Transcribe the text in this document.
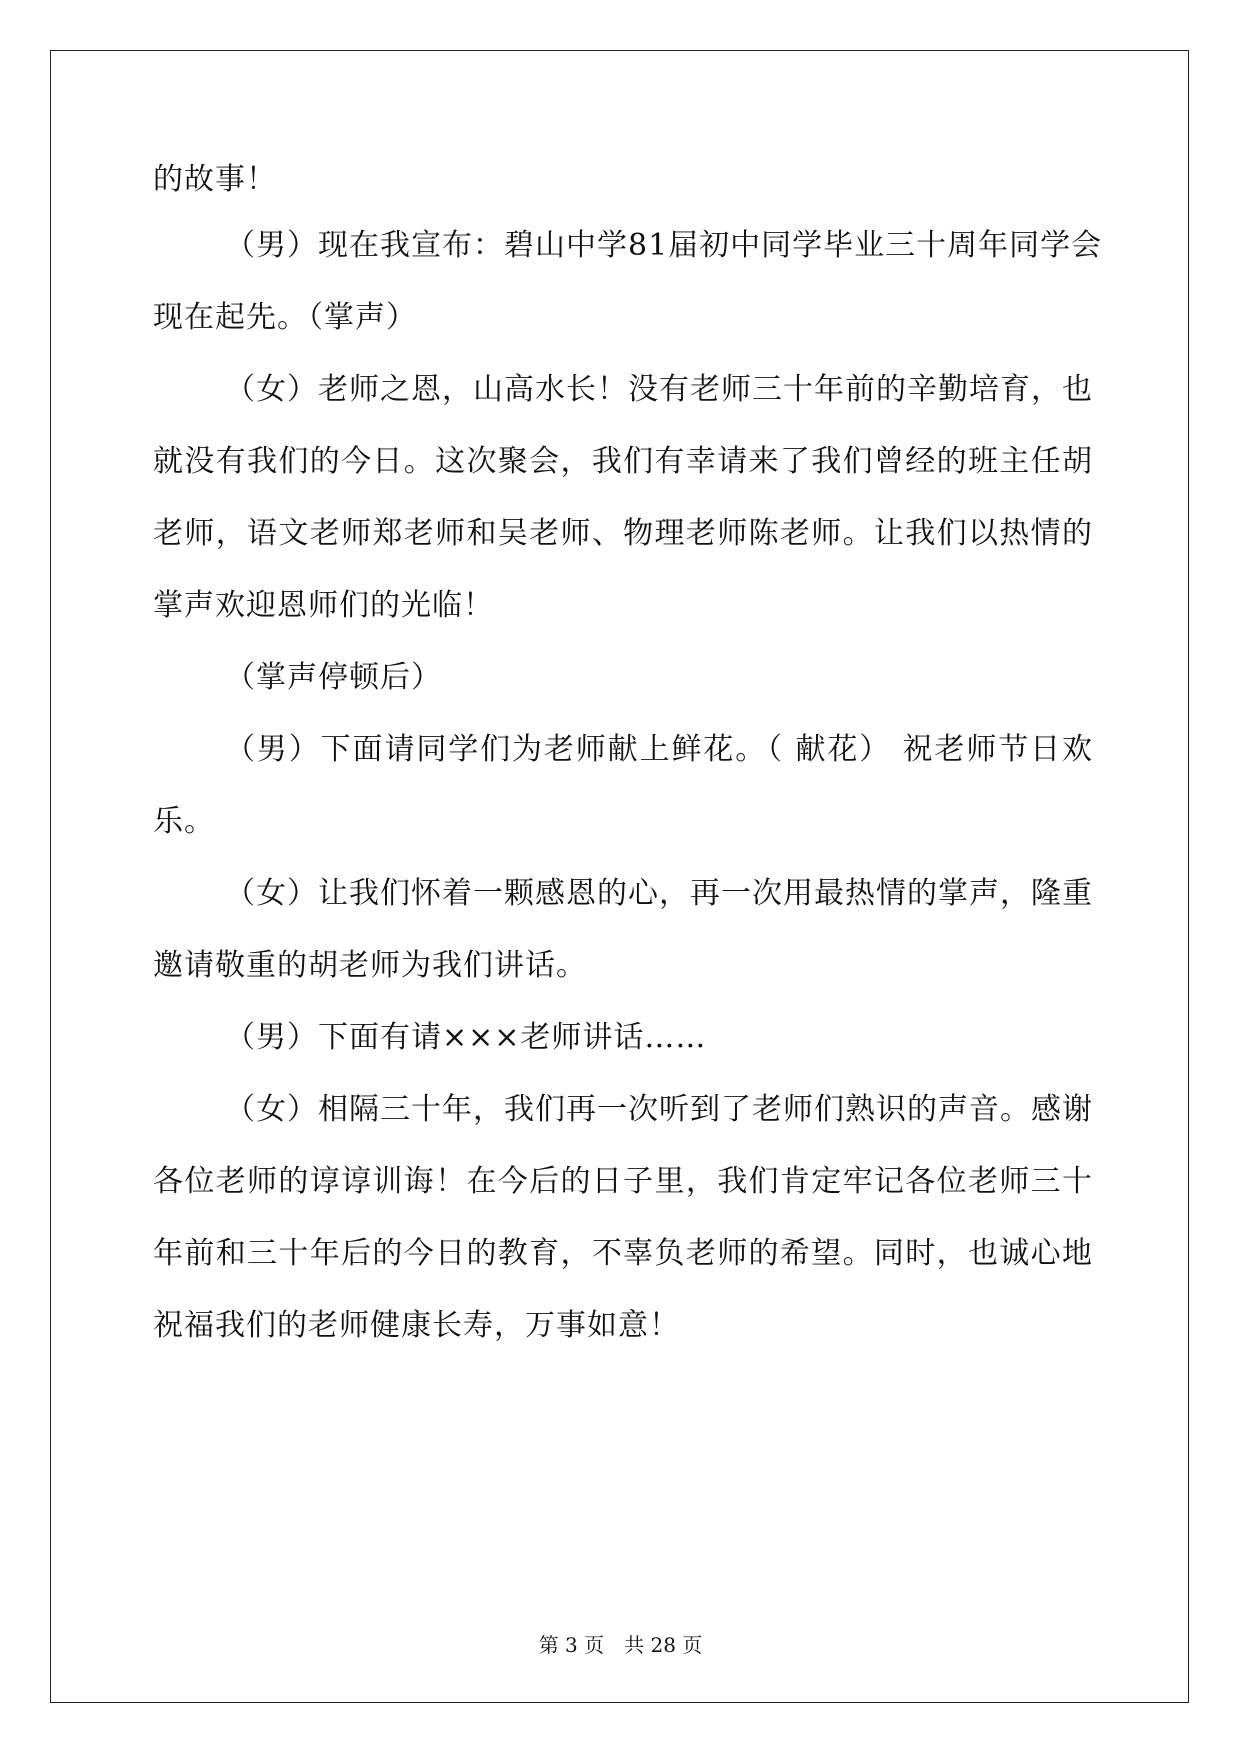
的故事！
（男）现在我宣布：碧山中学81届初中同学毕业三十周年同学会
现在起先。（掌声）
（女）老师之恩，山高水长！没有老师三十年前的辛勤培育，也
就没有我们的今日。这次聚会，我们有幸请来了我们曾经的班主任胡
老师，语文老师郑老师和吴老师、物理老师陈老师。让我们以热情的
掌声欢迎恩师们的光临！
（掌声停顿后）
（男）下面请同学们为老师献上鲜花。（ 献花） 祝老师节日欢
乐。
（女）让我们怀着一颗感恩的心，再一次用最热情的掌声，隆重
邀请敬重的胡老师为我们讲话。
（男）下面有请×××老师讲话……
（女）相隔三十年，我们再一次听到了老师们熟识的声音。感谢
各位老师的谆谆训诲！在今后的日子里，我们肯定牢记各位老师三十
年前和三十年后的今日的教育，不辜负老师的希望。同时，也诚心地
祝福我们的老师健康长寿，万事如意！
第 3 页　共 28 页
